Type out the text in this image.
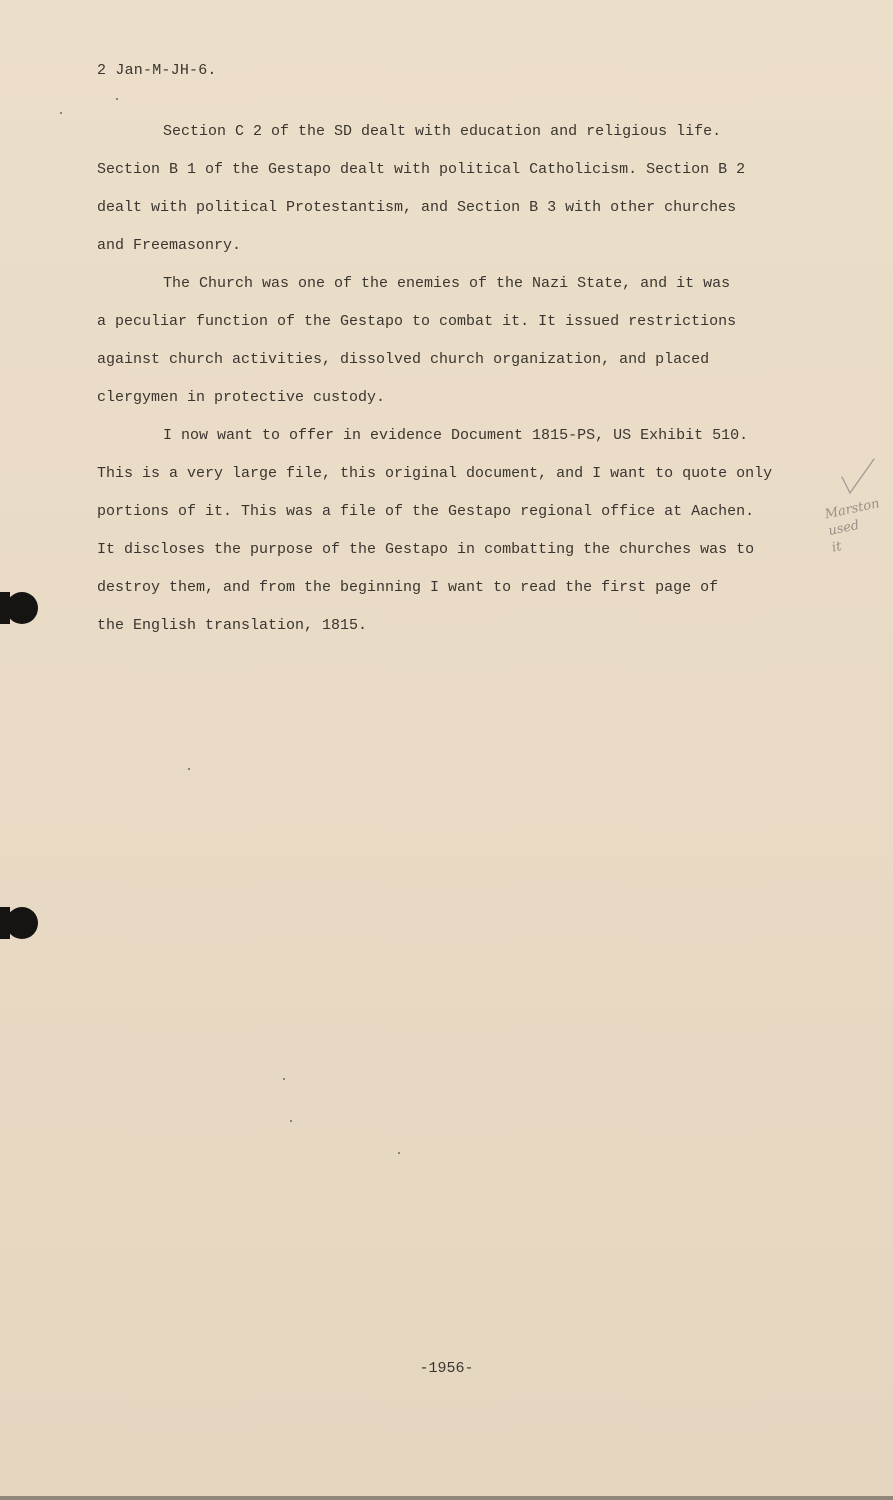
2 Jan-M-JH-6.

Section C 2 of the SD dealt with education and religious life.
Section B 1 of the Gestapo dealt with political Catholicism. Section B 2
dealt with political Protestantism, and Section B 3 with other churches
and Freemasonry.

The Church was one of the enemies of the Nazi State, and it was
a peculiar function of the Gestapo to combat it. It issued restrictions
against church activities, dissolved church organization, and placed
clergymen in protective custody.

I now want to offer in evidence Document 1815-PS, US Exhibit 510.
This is a very large file, this original document, and I want to quote only
portions of it. This was a file of the Gestapo regional office at Aachen.
It discloses the purpose of the Gestapo in combatting the churches was to
destroy them, and from the beginning I want to read the first page of
the English translation, 1815.

Marston
used
it
-1956-
